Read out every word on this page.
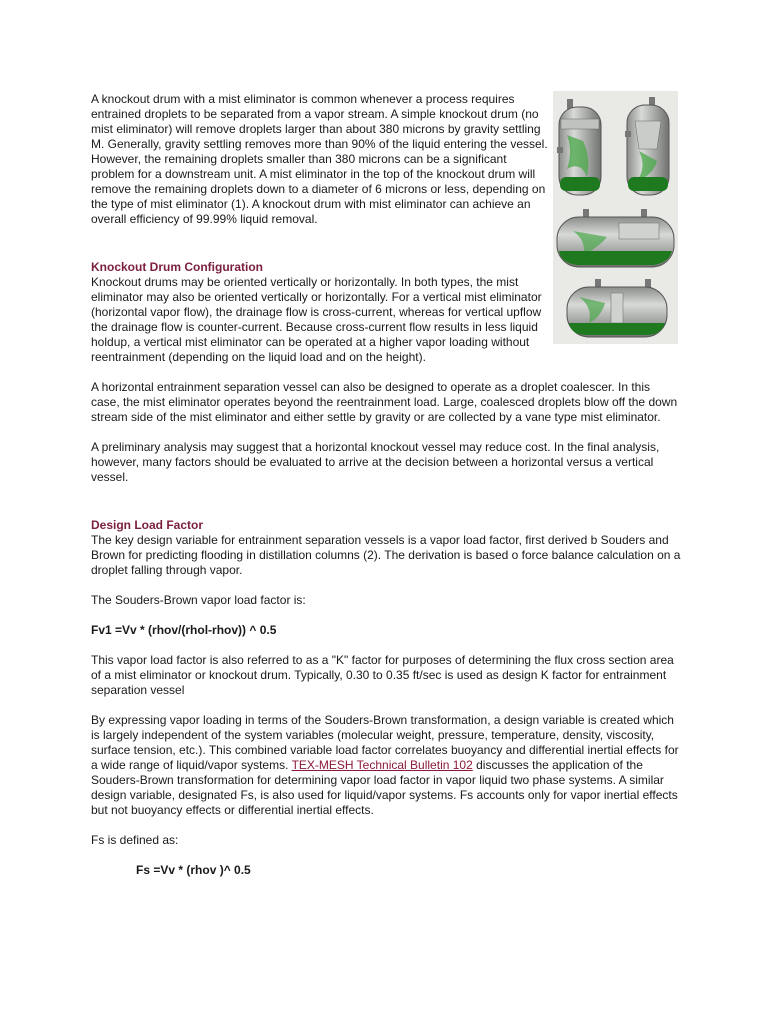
A knockout drum with a mist eliminator is common whenever a process requires entrained droplets to be separated from a vapor stream. A simple knockout drum (no mist eliminator) will remove droplets larger than about 380 microns by gravity settling M. Generally, gravity settling removes more than 90% of the liquid entering the vessel. However, the remaining droplets smaller than 380 microns can be a significant problem for a downstream unit. A mist eliminator in the top of the knockout drum will remove the remaining droplets down to a diameter of 6 microns or less, depending on the type of mist eliminator (1). A knockout drum with mist eliminator can achieve an overall efficiency of 99.99% liquid removal.

Knockout Drum Configuration

Knockout drums may be oriented vertically or horizontally. In both types, the mist eliminator may also be oriented vertically or horizontally. For a vertical mist eliminator (horizontal vapor flow), the drainage flow is cross-current, whereas for vertical upflow the drainage flow is counter-current. Because cross-current flow results in less liquid holdup, a vertical mist eliminator can be operated at a higher vapor loading without reentrainment (depending on the liquid load and on the height).

A horizontal entrainment separation vessel can also be designed to operate as a droplet coalescer. In this case, the mist eliminator operates beyond the reentrainment load. Large, coalesced droplets blow off the down stream side of the mist eliminator and either settle by gravity or are collected by a vane type mist eliminator.

A preliminary analysis may suggest that a horizontal knockout vessel may reduce cost. In the final analysis, however, many factors should be evaluated to arrive at the decision between a horizontal versus a vertical vessel.

Design Load Factor

The key design variable for entrainment separation vessels is a vapor load factor, first derived b Souders and Brown for predicting flooding in distillation columns (2). The derivation is based o force balance calculation on a droplet falling through vapor.

The Souders-Brown vapor load factor is:

Fv1 =Vv * (rhov/(rhol-rhov)) ^ 0.5

This vapor load factor is also referred to as a "K" factor for purposes of determining the flux cross section area of a mist eliminator or knockout drum. Typically, 0.30 to 0.35 ft/sec is used as design K factor for entrainment separation vessel

By expressing vapor loading in terms of the Souders-Brown transformation, a design variable is created which is largely independent of the system variables (molecular weight, pressure, temperature, density, viscosity, surface tension, etc.). This combined variable load factor correlates buoyancy and differential inertial effects for a wide range of liquid/vapor systems. TEX-MESH Technical Bulletin 102 discusses the application of the Souders-Brown transformation for determining vapor load factor in vapor liquid two phase systems. A similar design variable, designated Fs, is also used for liquid/vapor systems. Fs accounts only for vapor inertial effects but not buoyancy effects or differential inertial effects.

Fs is defined as:

Fs =Vv * (rhov )^ 0.5
